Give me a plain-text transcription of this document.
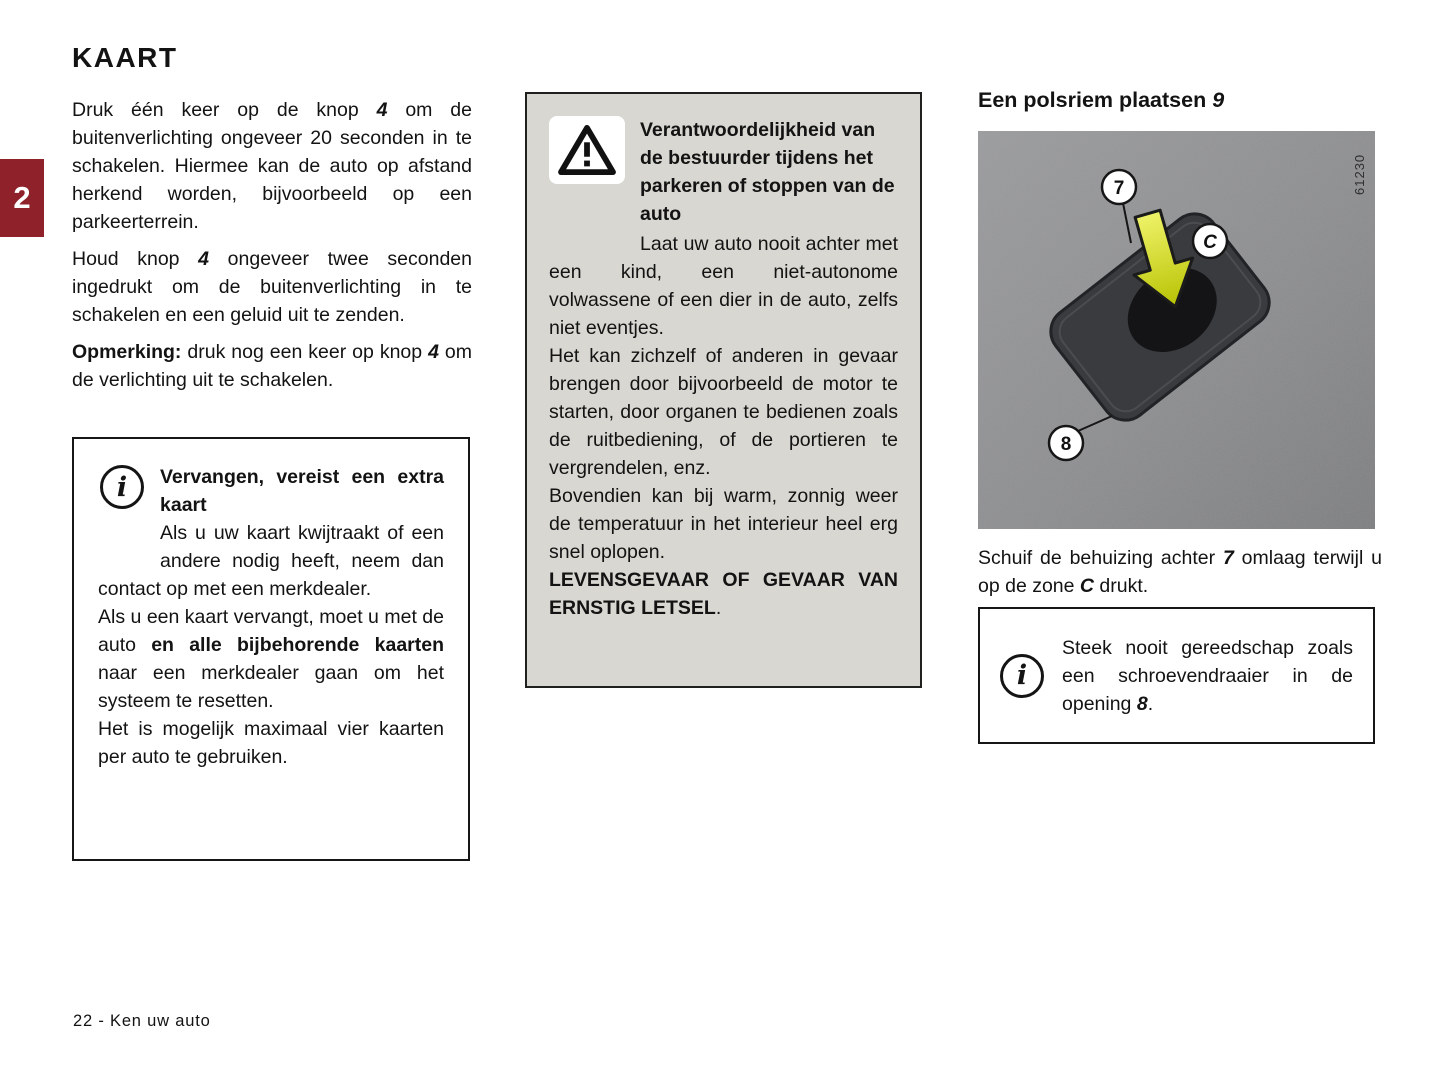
2
KAART

Druk één keer op de knop 4 om de buitenverlichting ongeveer 20 seconden in te schakelen. Hiermee kan de auto op afstand herkend worden, bijvoorbeeld op een parkeerterrein.

Houd knop 4 ongeveer twee seconden ingedrukt om de buitenverlichting in te schakelen en een geluid uit te zenden.

Opmerking: druk nog een keer op knop 4 om de verlichting uit te schakelen.

i	Vervangen, vereist een extra kaart

Als u uw kaart kwijtraakt of een andere nodig heeft, neem dan contact op met een merkdealer.

Als u een kaart vervangt, moet u met de auto en alle bijbehorende kaarten naar een merkdealer gaan om het systeem te resetten.

Het is mogelijk maximaal vier kaarten per auto te gebruiken.

Verantwoordelijkheid van de bestuurder tijdens het parkeren of stoppen van de auto

Laat uw auto nooit achter met een kind, een niet-autonome volwassene of een dier in de auto, zelfs niet eventjes.

Het kan zichzelf of anderen in gevaar brengen door bijvoorbeeld de motor te starten, door organen te bedienen zoals de ruitbediening, of de portieren te vergrendelen, enz.

Bovendien kan bij warm, zonnig weer de temperatuur in het interieur heel erg snel oplopen.

LEVENSGEVAAR OF GEVAAR VAN ERNSTIG LETSEL.

Een polsriem plaatsen 9
7
C
8
61230

Schuif de behuizing achter 7 omlaag terwijl u op de zone C drukt.

i

Steek nooit gereedschap zoals een schroevendraaier in de opening 8.

22 - Ken uw auto
